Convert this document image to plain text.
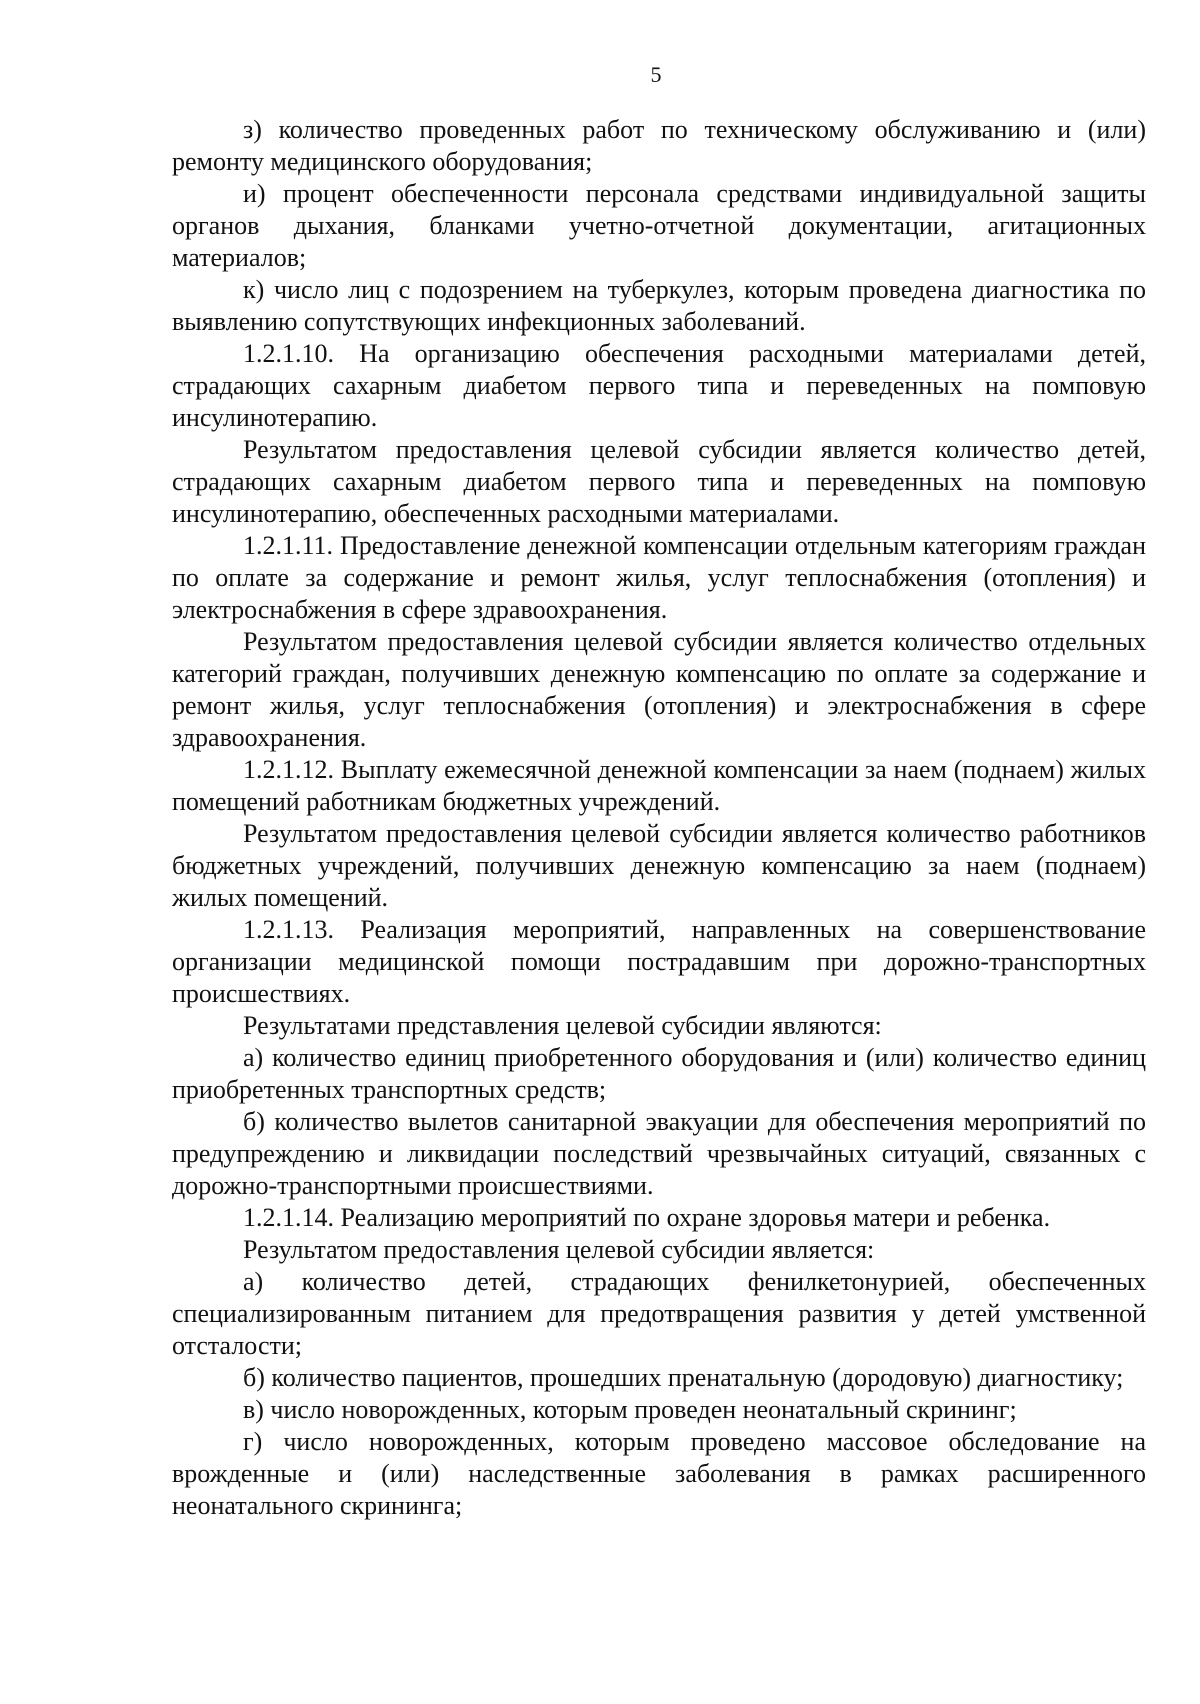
5

з) количество проведенных работ по техническому обслуживанию и (или) ремонту медицинского оборудования;

и) процент обеспеченности персонала средствами индивидуальной защиты органов дыхания, бланками учетно-отчетной документации, агитационных материалов;

к) число лиц с подозрением на туберкулез, которым проведена диагностика по выявлению сопутствующих инфекционных заболеваний.

1.2.1.10. На организацию обеспечения расходными материалами детей, страдающих сахарным диабетом первого типа и переведенных на помповую инсулинотерапию.

Результатом предоставления целевой субсидии является количество детей, страдающих сахарным диабетом первого типа и переведенных на помповую инсулинотерапию, обеспеченных расходными материалами.

1.2.1.11. Предоставление денежной компенсации отдельным категориям граждан по оплате за содержание и ремонт жилья, услуг теплоснабжения (отопления) и электроснабжения в сфере здравоохранения.

Результатом предоставления целевой субсидии является количество отдельных категорий граждан, получивших денежную компенсацию по оплате за содержание и ремонт жилья, услуг теплоснабжения (отопления) и электроснабжения в сфере здравоохранения.

1.2.1.12. Выплату ежемесячной денежной компенсации за наем (поднаем) жилых помещений работникам бюджетных учреждений.

Результатом предоставления целевой субсидии является количество работников бюджетных учреждений, получивших денежную компенсацию за наем (поднаем) жилых помещений.

1.2.1.13. Реализация мероприятий, направленных на совершенствование организации медицинской помощи пострадавшим при дорожно-транспортных происшествиях.

Результатами представления целевой субсидии являются:

а) количество единиц приобретенного оборудования и (или) количество единиц приобретенных транспортных средств;

б) количество вылетов санитарной эвакуации для обеспечения мероприятий по предупреждению и ликвидации последствий чрезвычайных ситуаций, связанных с дорожно-транспортными происшествиями.

1.2.1.14. Реализацию мероприятий по охране здоровья матери и ребенка.

Результатом предоставления целевой субсидии является:

а) количество детей, страдающих фенилкетонурией, обеспеченных специализированным питанием для предотвращения развития у детей умственной отсталости;

б) количество пациентов, прошедших пренатальную (дородовую) диагностику;

в) число новорожденных, которым проведен неонатальный скрининг;

г) число новорожденных, которым проведено массовое обследование на врожденные и (или) наследственные заболевания в рамках расширенного неонатального скрининга;
